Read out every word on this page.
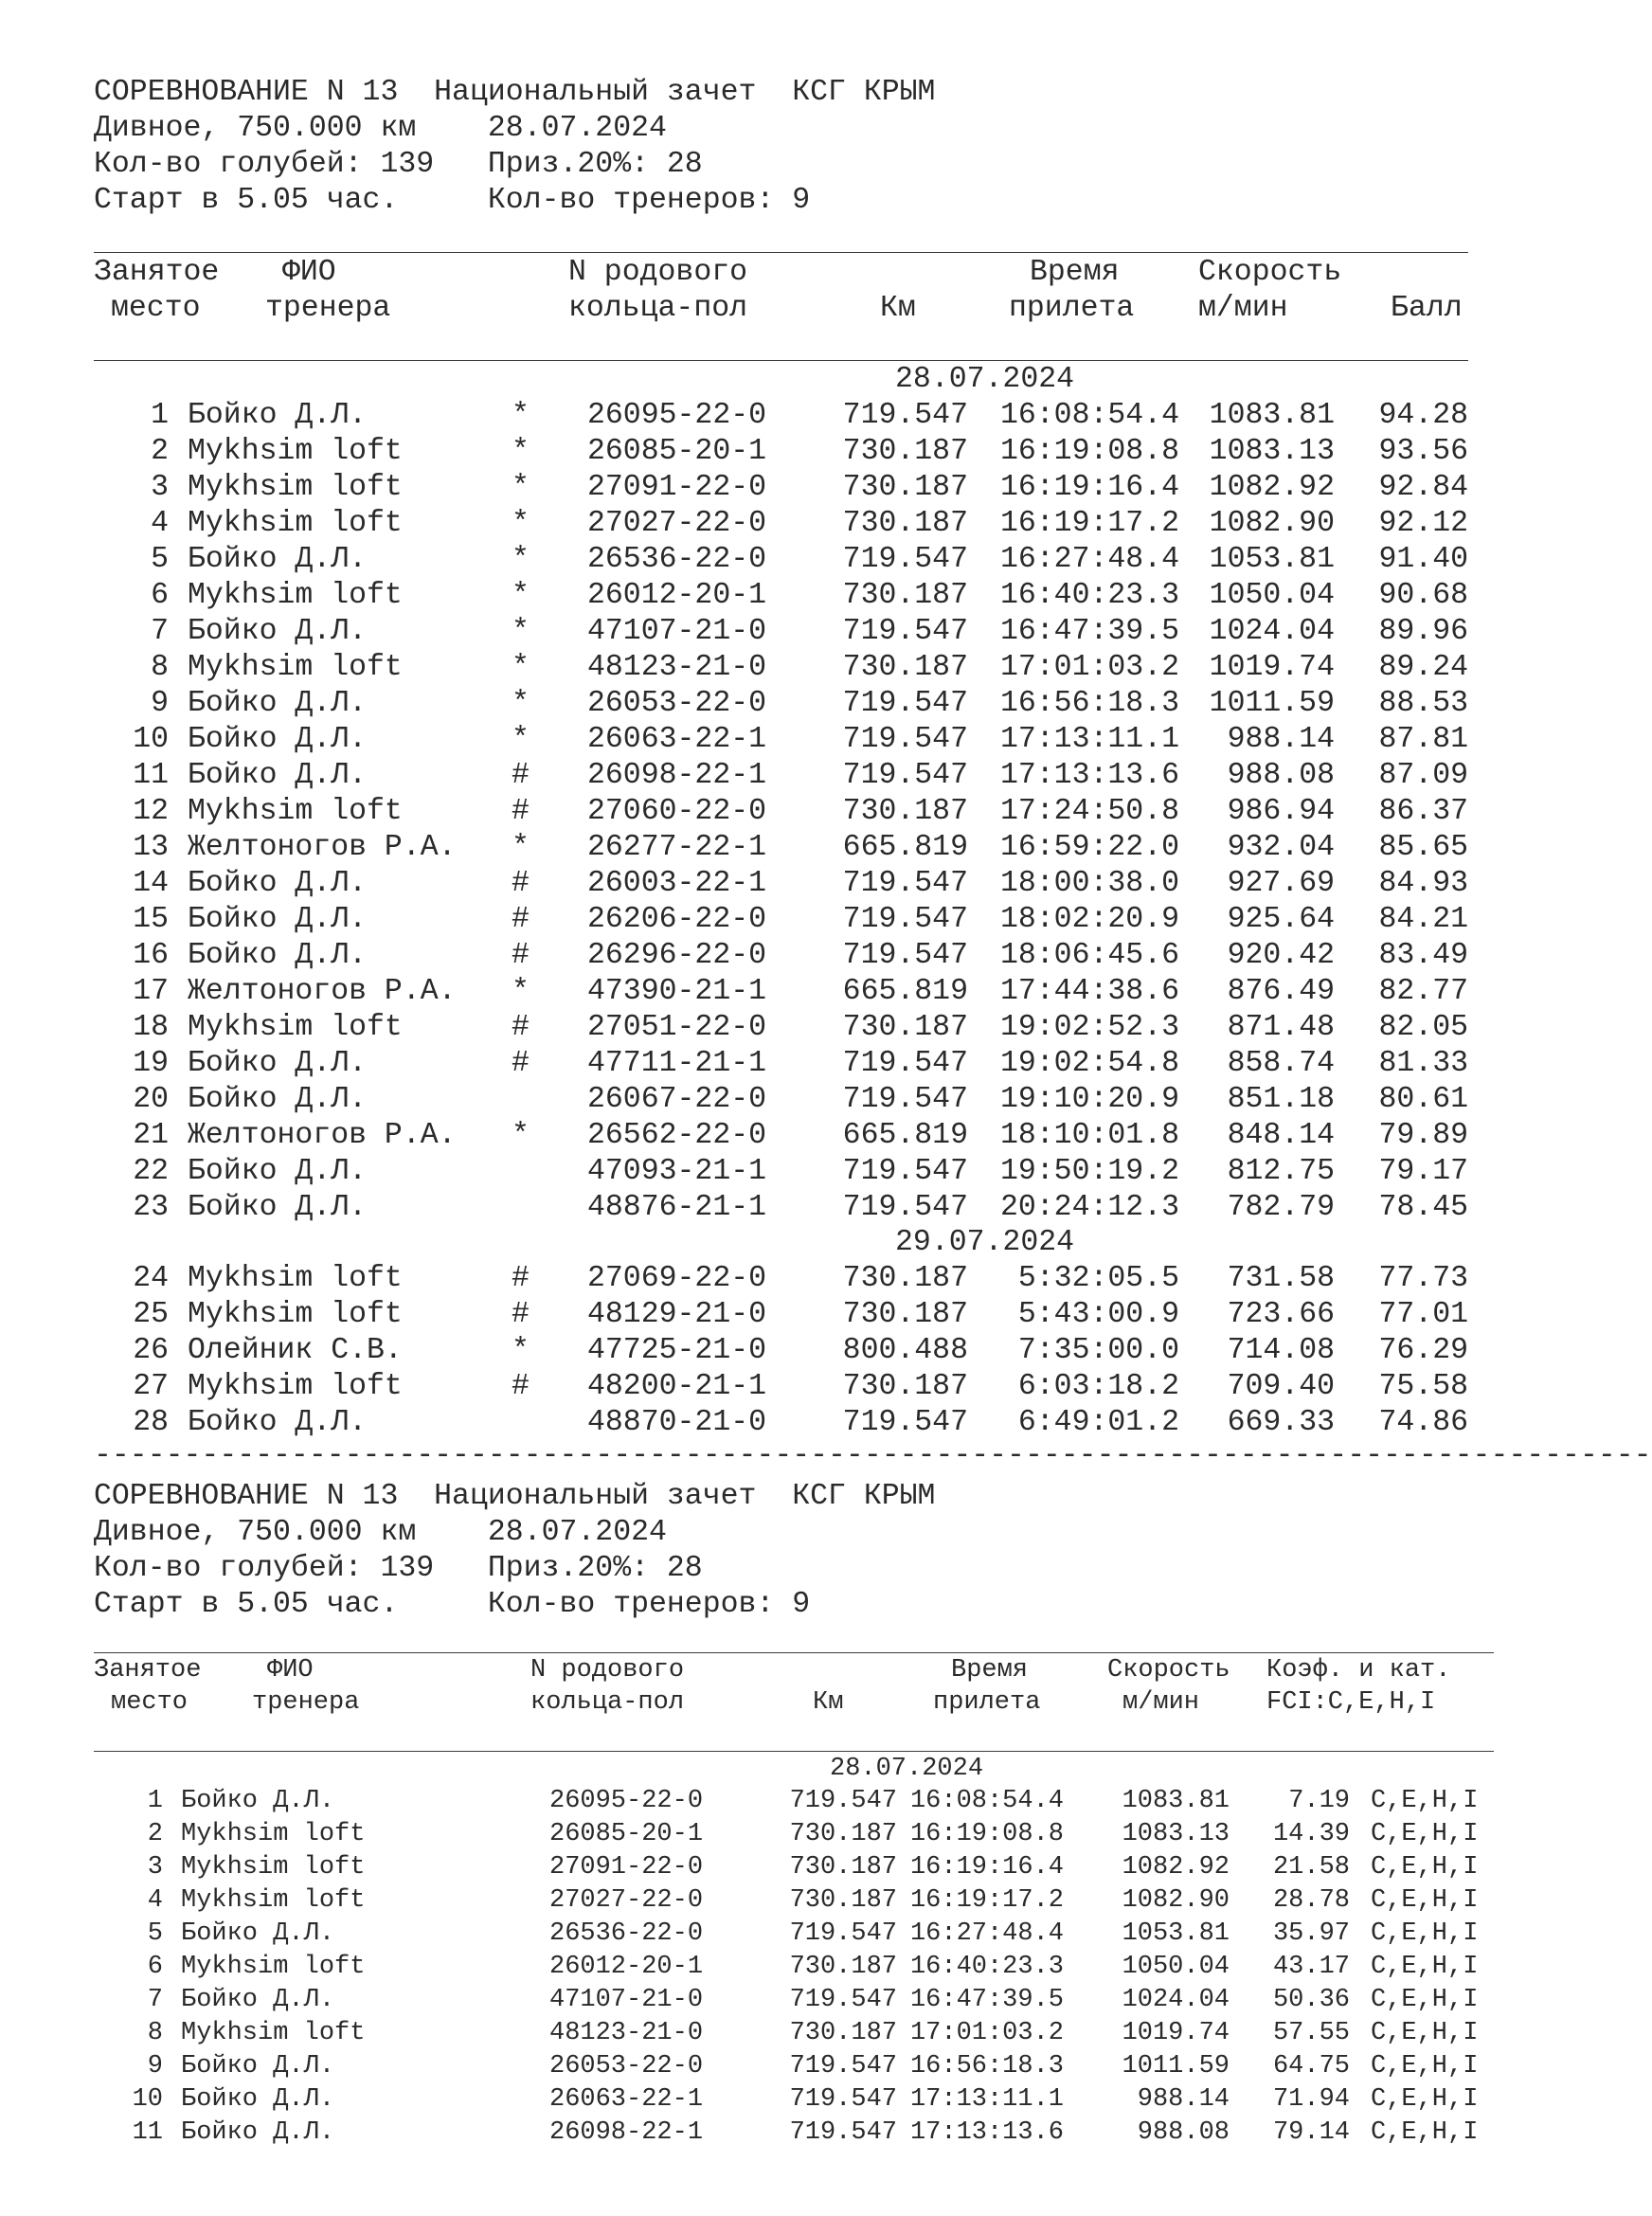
СОРЕВНОВАНИЕ N 13  Национальный зачет  КСГ КРЫМ
Дивное, 750.000 км    28.07.2024
Кол-во голубей: 139   Приз.20%: 28
Старт в 5.05 час.     Кол-во тренеров: 9
Занятое
место
ФИО
тренера
N родового
кольца-пол	Км
Время
прилета
Скорость
м/мин	Балл
28.07.2024
1 Бойко Д.Л.	* 26095-22-0	719.547	16:08:54.4	1083.81	94.28
2 Mykhsim loft	* 26085-20-1	730.187	16:19:08.8	1083.13	93.56
3 Mykhsim loft	* 27091-22-0	730.187	16:19:16.4	1082.92	92.84
4 Mykhsim loft	* 27027-22-0	730.187	16:19:17.2	1082.90	92.12
5 Бойко Д.Л.	* 26536-22-0	719.547	16:27:48.4	1053.81	91.40
6 Mykhsim loft	* 26012-20-1	730.187	16:40:23.3	1050.04	90.68
7 Бойко Д.Л.	* 47107-21-0	719.547	16:47:39.5	1024.04	89.96
8 Mykhsim loft	* 48123-21-0	730.187	17:01:03.2	1019.74	89.24
9 Бойко Д.Л.	* 26053-22-0	719.547	16:56:18.3	1011.59	88.53
10 Бойко Д.Л.	* 26063-22-1	719.547	17:13:11.1	988.14	87.81
11 Бойко Д.Л.	# 26098-22-1	719.547	17:13:13.6	988.08	87.09
12 Mykhsim loft	# 27060-22-0	730.187	17:24:50.8	986.94	86.37
13 Желтоногов Р.А. * 26277-22-1	665.819	16:59:22.0	932.04	85.65
14 Бойко Д.Л.	# 26003-22-1	719.547	18:00:38.0	927.69	84.93
15 Бойко Д.Л.	# 26206-22-0	719.547	18:02:20.9	925.64	84.21
16 Бойко Д.Л.	# 26296-22-0	719.547	18:06:45.6	920.42	83.49
17 Желтоногов Р.А. * 47390-21-1	665.819	17:44:38.6	876.49	82.77
18 Mykhsim loft	# 27051-22-0	730.187	19:02:52.3	871.48	82.05
19 Бойко Д.Л.	# 47711-21-1	719.547	19:02:54.8	858.74	81.33
20 Бойко Д.Л.	26067-22-0	719.547	19:10:20.9	851.18	80.61
21 Желтоногов Р.А. * 26562-22-0	665.819	18:10:01.8	848.14	79.89
22 Бойко Д.Л.	47093-21-1	719.547	19:50:19.2	812.75	79.17
23 Бойко Д.Л.	48876-21-1	719.547	20:24:12.3	782.79	78.45
29.07.2024
24 Mykhsim loft	# 27069-22-0	730.187	5:32:05.5	731.58	77.73
25 Mykhsim loft	# 48129-21-0	730.187	5:43:00.9	723.66	77.01
26 Олейник С.В.	* 47725-21-0	800.488	7:35:00.0	714.08	76.29
27 Mykhsim loft	# 48200-21-1	730.187	6:03:18.2	709.40	75.58
28 Бойко Д.Л.	48870-21-0	719.547	6:49:01.2	669.33	74.86
---------------------------------------------------------------------------------------
СОРЕВНОВАНИЕ N 13  Национальный зачет  КСГ КРЫМ
Дивное, 750.000 км    28.07.2024
Кол-во голубей: 139   Приз.20%: 28
Старт в 5.05 час.     Кол-во тренеров: 9
Занятое
место
ФИО
тренера
N родового
кольца-пол	Км
Время
прилета
Скорость
м/мин
Коэф. и кат.
FCI:C,E,H,I
28.07.2024
1 Бойко Д.Л.	26095-22-0	719.547 16:08:54.4	1083.81	7.19 C,E,H,I
2 Mykhsim loft	26085-20-1	730.187 16:19:08.8	1083.13	14.39 C,E,H,I
3 Mykhsim loft	27091-22-0	730.187 16:19:16.4	1082.92	21.58 C,E,H,I
4 Mykhsim loft	27027-22-0	730.187 16:19:17.2	1082.90	28.78 C,E,H,I
5 Бойко Д.Л.	26536-22-0	719.547 16:27:48.4	1053.81	35.97 C,E,H,I
6 Mykhsim loft	26012-20-1	730.187 16:40:23.3	1050.04	43.17 C,E,H,I
7 Бойко Д.Л.	47107-21-0	719.547 16:47:39.5	1024.04	50.36 C,E,H,I
8 Mykhsim loft	48123-21-0	730.187 17:01:03.2	1019.74	57.55 C,E,H,I
9 Бойко Д.Л.	26053-22-0	719.547 16:56:18.3	1011.59	64.75 C,E,H,I
10 Бойко Д.Л.	26063-22-1	719.547 17:13:11.1	988.14	71.94 C,E,H,I
11 Бойко Д.Л.	26098-22-1	719.547 17:13:13.6	988.08	79.14 C,E,H,I
